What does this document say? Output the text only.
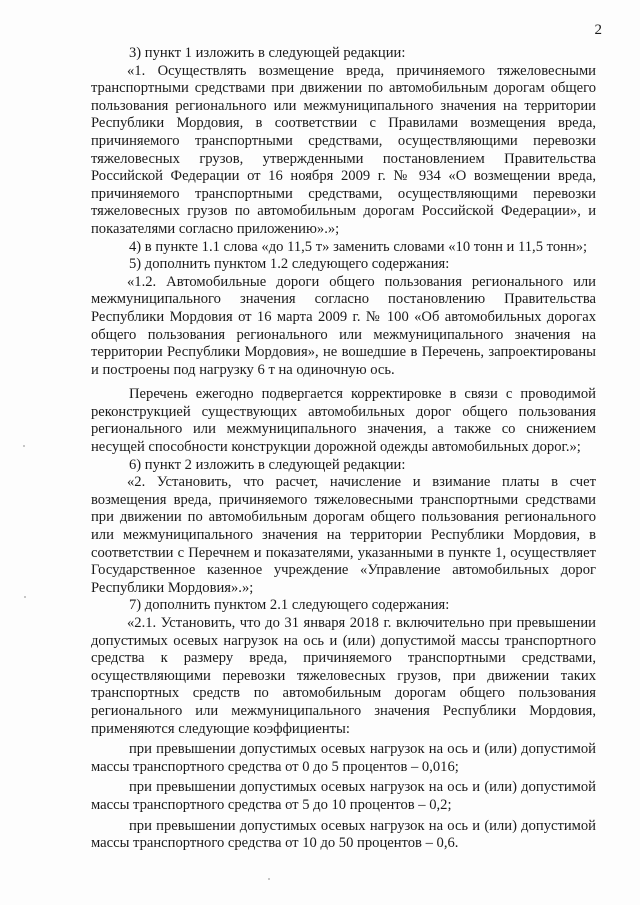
2

3) пункт 1 изложить в следующей редакции:

«1. Осуществлять возмещение вреда, причиняемого тяжеловесными транспортными средствами при движении по автомобильным дорогам общего пользования регионального или межмуниципального значения на территории Республики Мордовия, в соответствии с Правилами возмещения вреда, причиняемого транспортными средствами, осуществляющими перевозки тяжеловесных грузов, утвержденными постановлением Правительства Российской Федерации от 16 ноября 2009 г. № 934 «О возмещении вреда, причиняемого транспортными средствами, осуществляющими перевозки тяжеловесных грузов по автомобильным дорогам Российской Федерации», и показателями согласно приложению».»;

4) в пункте 1.1 слова «до 11,5 т» заменить словами «10 тонн и 11,5 тонн»;

5) дополнить пунктом 1.2 следующего содержания:

«1.2. Автомобильные дороги общего пользования регионального или межмуниципального значения согласно постановлению Правительства Республики Мордовия от 16 марта 2009 г. № 100 «Об автомобильных дорогах общего пользования регионального или межмуниципального значения на территории Республики Мордовия», не вошедшие в Перечень, запроектированы и построены под нагрузку 6 т на одиночную ось.

Перечень ежегодно подвергается корректировке в связи с проводимой реконструкцией существующих автомобильных дорог общего пользования регионального или межмуниципального значения, а также со снижением несущей способности конструкции дорожной одежды автомобильных дорог.»;

6) пункт 2 изложить в следующей редакции:

«2. Установить, что расчет, начисление и взимание платы в счет возмещения вреда, причиняемого тяжеловесными транспортными средствами при движении по автомобильным дорогам общего пользования регионального или межмуниципального значения на территории Республики Мордовия, в соответствии с Перечнем и показателями, указанными в пункте 1, осуществляет Государственное казенное учреждение «Управление автомобильных дорог Республики Мордовия».»;

7) дополнить пунктом 2.1 следующего содержания:

«2.1. Установить, что до 31 января 2018 г. включительно при превышении допустимых осевых нагрузок на ось и (или) допустимой массы транспортного средства к размеру вреда, причиняемого транспортными средствами, осуществляющими перевозки тяжеловесных грузов, при движении таких транспортных средств по автомобильным дорогам общего пользования регионального или межмуниципального значения Республики Мордовия, применяются следующие коэффициенты:

при превышении допустимых осевых нагрузок на ось и (или) допустимой массы транспортного средства от 0 до 5 процентов – 0,016;

при превышении допустимых осевых нагрузок на ось и (или) допустимой массы транспортного средства от 5 до 10 процентов – 0,2;

при превышении допустимых осевых нагрузок на ось и (или) допустимой массы транспортного средства от 10 до 50 процентов – 0,6.
